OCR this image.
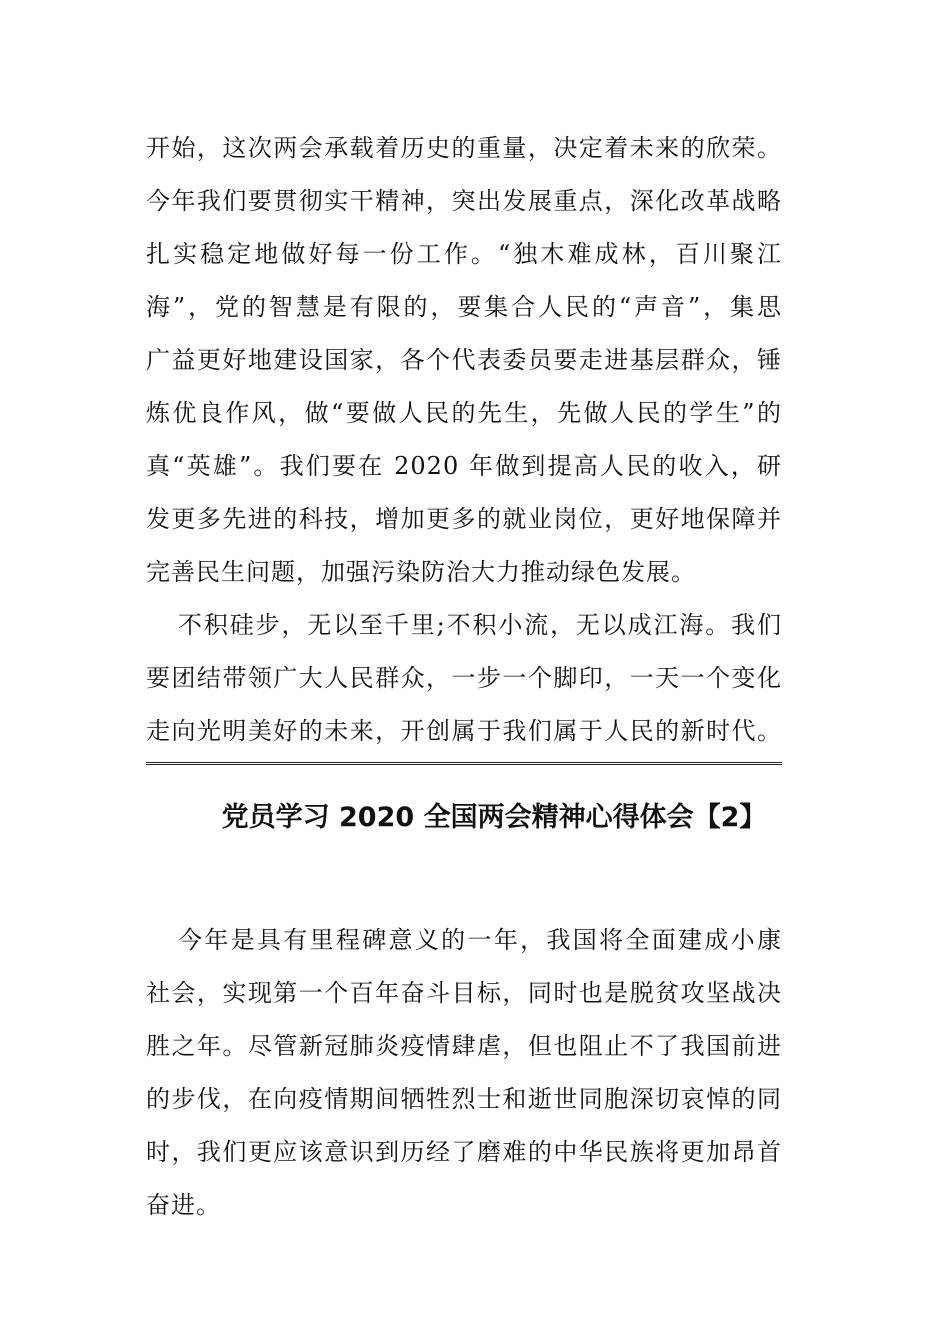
开始，这次两会承载着历史的重量，决定着未来的欣荣。
今年我们要贯彻实干精神，突出发展重点，深化改革战略
扎实稳定地做好每一份工作。“独木难成林，百川聚江
海”，党的智慧是有限的，要集合人民的“声音”，集思
广益更好地建设国家，各个代表委员要走进基层群众，锤
炼优良作风，做“要做人民的先生，先做人民的学生”的
真“英雄”。我们要在 2020 年做到提高人民的收入，研
发更多先进的科技，增加更多的就业岗位，更好地保障并
完善民生问题，加强污染防治大力推动绿色发展。
不积硅步，无以至千里;不积小流，无以成江海。我们
要团结带领广大人民群众，一步一个脚印，一天一个变化
走向光明美好的未来，开创属于我们属于人民的新时代。
党员学习 2020 全国两会精神心得体会【2】
今年是具有里程碑意义的一年，我国将全面建成小康
社会，实现第一个百年奋斗目标，同时也是脱贫攻坚战决
胜之年。尽管新冠肺炎疫情肆虐，但也阻止不了我国前进
的步伐，在向疫情期间牺牲烈士和逝世同胞深切哀悼的同
时，我们更应该意识到历经了磨难的中华民族将更加昂首
奋进。
